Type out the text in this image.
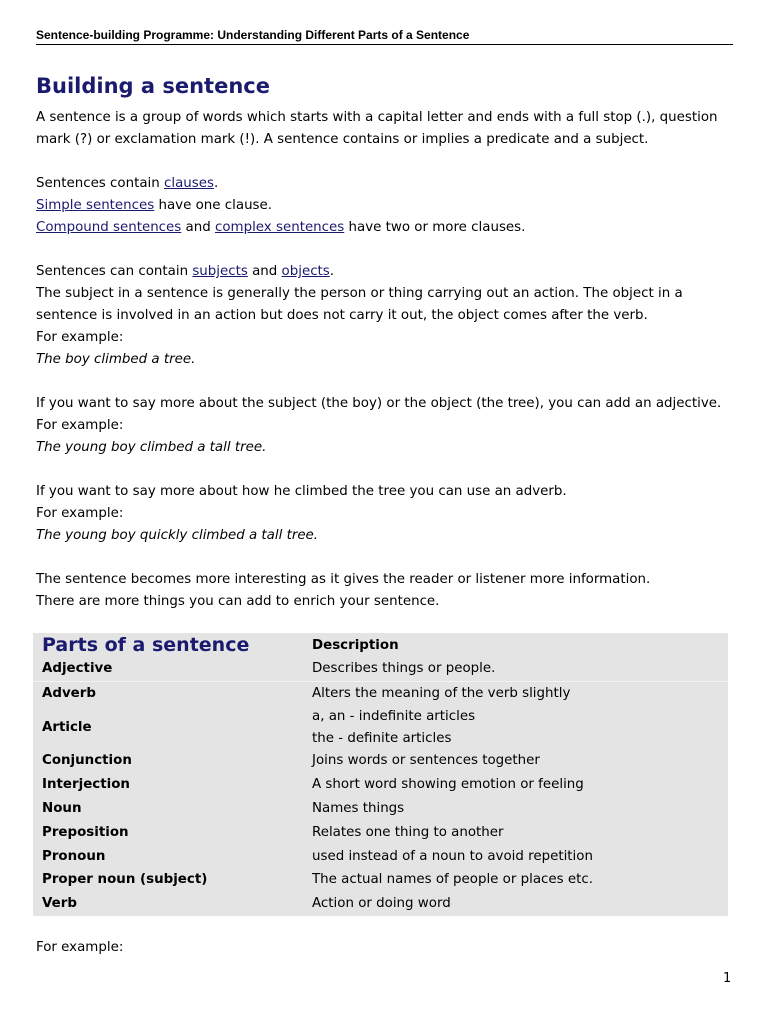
Sentence-building Programme: Understanding Different Parts of a Sentence
Building a sentence

A sentence is a group of words which starts with a capital letter and ends with a full stop (.), question mark (?) or exclamation mark (!). A sentence contains or implies a predicate and a subject.

Sentences contain clauses.

Simple sentences have one clause.

Compound sentences and complex sentences have two or more clauses.

Sentences can contain subjects and objects.

The subject in a sentence is generally the person or thing carrying out an action. The object in a sentence is involved in an action but does not carry it out, the object comes after the verb.

For example:

The boy climbed a tree.

If you want to say more about the subject (the boy) or the object (the tree), you can add an adjective.

For example:

The young boy climbed a tall tree.

If you want to say more about how he climbed the tree you can use an adverb.

For example:

The young boy quickly climbed a tall tree.

The sentence becomes more interesting as it gives the reader or listener more information.

There are more things you can add to enrich your sentence.

Parts of a sentence	Description
Adjective	Describes things or people.
Adverb	Alters the meaning of the verb slightly
Article	a, an - indefinite articles
the - definite articles

Conjunction	Joins words or sentences together
Interjection	A short word showing emotion or feeling
Noun	Names things
Preposition	Relates one thing to another
Pronoun	used instead of a noun to avoid repetition
Proper noun (subject)	The actual names of people or places etc.
Verb	Action or doing word

For example:

1
